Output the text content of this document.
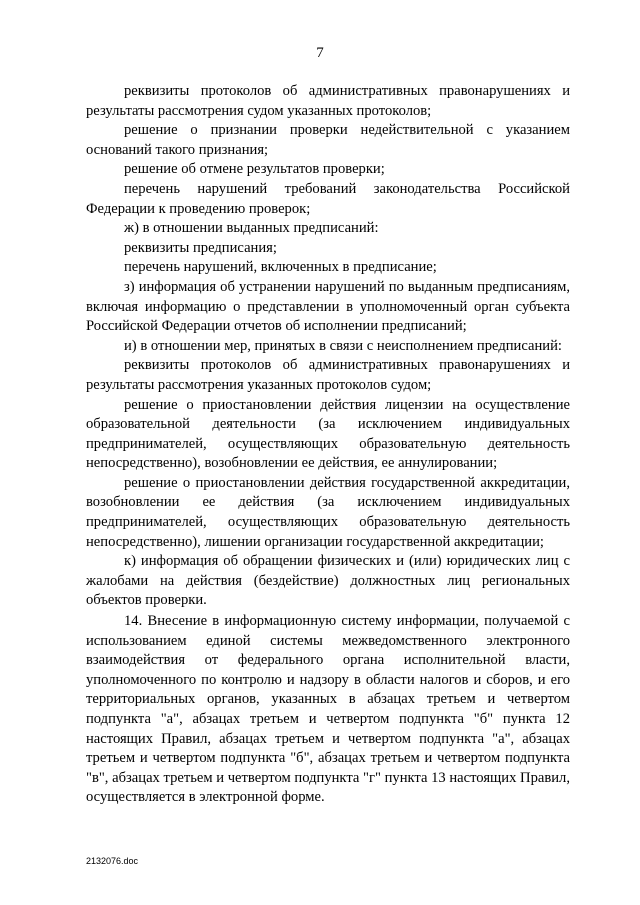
7

реквизиты протоколов об административных правонарушениях и результаты рассмотрения судом указанных протоколов;

решение о признании проверки недействительной с указанием оснований такого признания;

решение об отмене результатов проверки;

перечень нарушений требований законодательства Российской Федерации к проведению проверок;

ж) в отношении выданных предписаний:

реквизиты предписания;

перечень нарушений, включенных в предписание;

з) информация об устранении нарушений по выданным предписаниям, включая информацию о представлении в уполномоченный орган субъекта Российской Федерации отчетов об исполнении предписаний;

и) в отношении мер, принятых в связи с неисполнением предписаний:

реквизиты протоколов об административных правонарушениях и результаты рассмотрения указанных протоколов судом;

решение о приостановлении действия лицензии на осуществление образовательной деятельности (за исключением индивидуальных предпринимателей, осуществляющих образовательную деятельность непосредственно), возобновлении ее действия, ее аннулировании;

решение о приостановлении действия государственной аккредитации, возобновлении ее действия (за исключением индивидуальных предпринимателей, осуществляющих образовательную деятельность непосредственно), лишении организации государственной аккредитации;

к) информация об обращении физических и (или) юридических лиц с жалобами на действия (бездействие) должностных лиц региональных объектов проверки.

14. Внесение в информационную систему информации, получаемой с использованием единой системы межведомственного электронного взаимодействия от федерального органа исполнительной власти, уполномоченного по контролю и надзору в области налогов и сборов, и его территориальных органов, указанных в абзацах третьем и четвертом подпункта "а", абзацах третьем и четвертом подпункта "б" пункта 12 настоящих Правил, абзацах третьем и четвертом подпункта "а", абзацах третьем и четвертом подпункта "б", абзацах третьем и четвертом подпункта "в", абзацах третьем и четвертом подпункта "г" пункта 13 настоящих Правил, осуществляется в электронной форме.

2132076.doc
